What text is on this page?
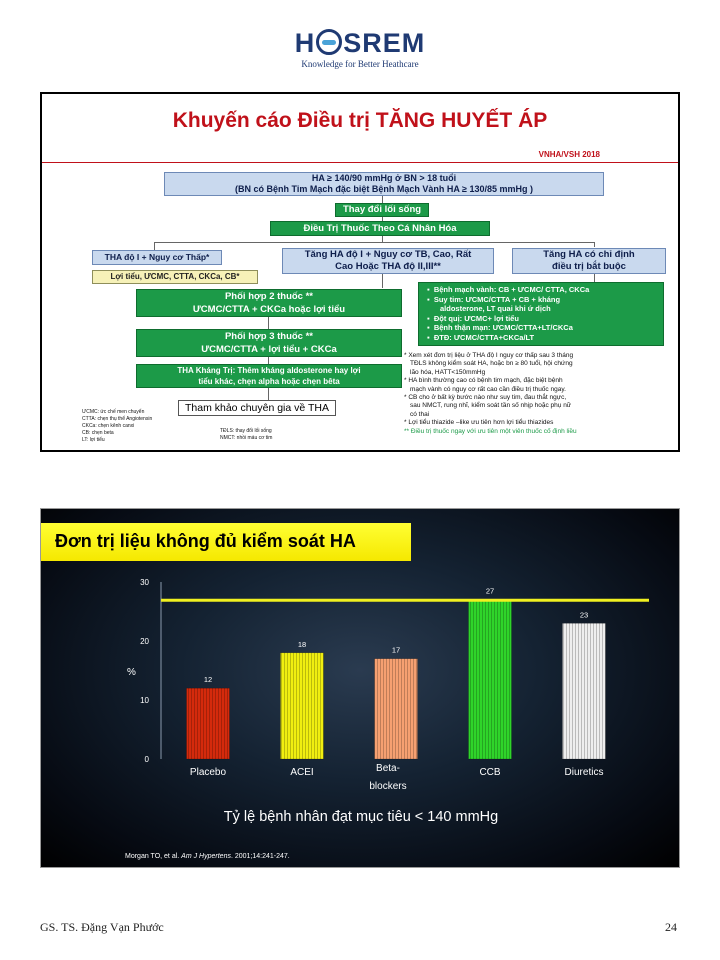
H SREM
Knowledge for Better Heathcare
Khuyến cáo Điều trị TĂNG HUYẾT ÁP
VNHA/VSH 2018
HA ≥ 140/90 mmHg ở BN > 18 tuổi
(BN có Bệnh Tim Mạch đặc biệt Bệnh Mạch Vành HA ≥ 130/85 mmHg )
Thay đổi lối sống
Điều Trị Thuốc Theo Cá Nhân Hóa
THA độ I + Nguy cơ Thấp*	Tăng HA độ I + Nguy cơ TB, Cao, Rất
Cao Hoặc THA độ II,III**
Tăng HA có chỉ định
điều trị bắt buộc
Lợi tiểu, ƯCMC, CTTA, CKCa, CB*
Phối hợp 2 thuốc **
ƯCMC/CTTA + CKCa hoặc lợi tiểu
Phối hợp 3 thuốc **
ƯCMC/CTTA + lợi tiểu + CKCa
THA Kháng Trị: Thêm kháng aldosterone hay lợi
tiểu khác, chẹn alpha hoặc chẹn bêta
Tham khảo chuyên gia về THA
▪  Bệnh mạch vành: CB + ƯCMC/ CTTA, CKCa
▪  Suy tim: ƯCMC/CTTA + CB + kháng
aldosterone, LT quai khi ứ dịch
▪  Đột quị: ƯCMC+ lợi tiểu
▪  Bệnh thận mạn: ƯCMC/CTTA+LT/CKCa
▪  ĐTĐ: ƯCMC/CTTA+CKCa/LT
* Xem xét đơn trị liệu ở THA độ I nguy cơ thấp sau 3 tháng
TĐLS không kiểm soát HA, hoặc bn ≥ 80 tuổi, hội chứng
lão hóa, HATT<150mmHg
* HA bình thường cao có bệnh tim mạch, đặc biệt bệnh
mạch vành có nguy cơ rất cao cần điều trị thuốc ngay.
* CB cho ở bất kỳ bước nào như suy tim, đau thắt ngực,
sau NMCT, rung nhĩ, kiểm soát tần số nhịp hoặc phụ nữ
có thai
* Lợi tiểu thiazide –like ưu tiên hơn lợi tiểu thiazides
** Điều trị thuốc ngay với ưu tiên một viên thuốc cố định liều
ƯCMC: ức chế men chuyển
CTTA: chẹn thụ thể Angiotensin
CKCa: chẹn kênh canxi
CB: chẹn beta
LT: lợi tiểu
TĐLS: thay đổi lối sống
NMCT: nhồi máu cơ tim
Đơn trị liệu không đủ kiểm soát HA
0
10
20
30
%
12
Placebo
18
ACEI
17
Beta-
blockers
27
CCB
23
Diuretics
Tỷ lệ bệnh nhân đạt mục tiêu < 140 mmHg
Morgan TO, et al. Am J Hypertens. 2001;14:241-247.
GS. TS. Đặng Vạn Phước	24
